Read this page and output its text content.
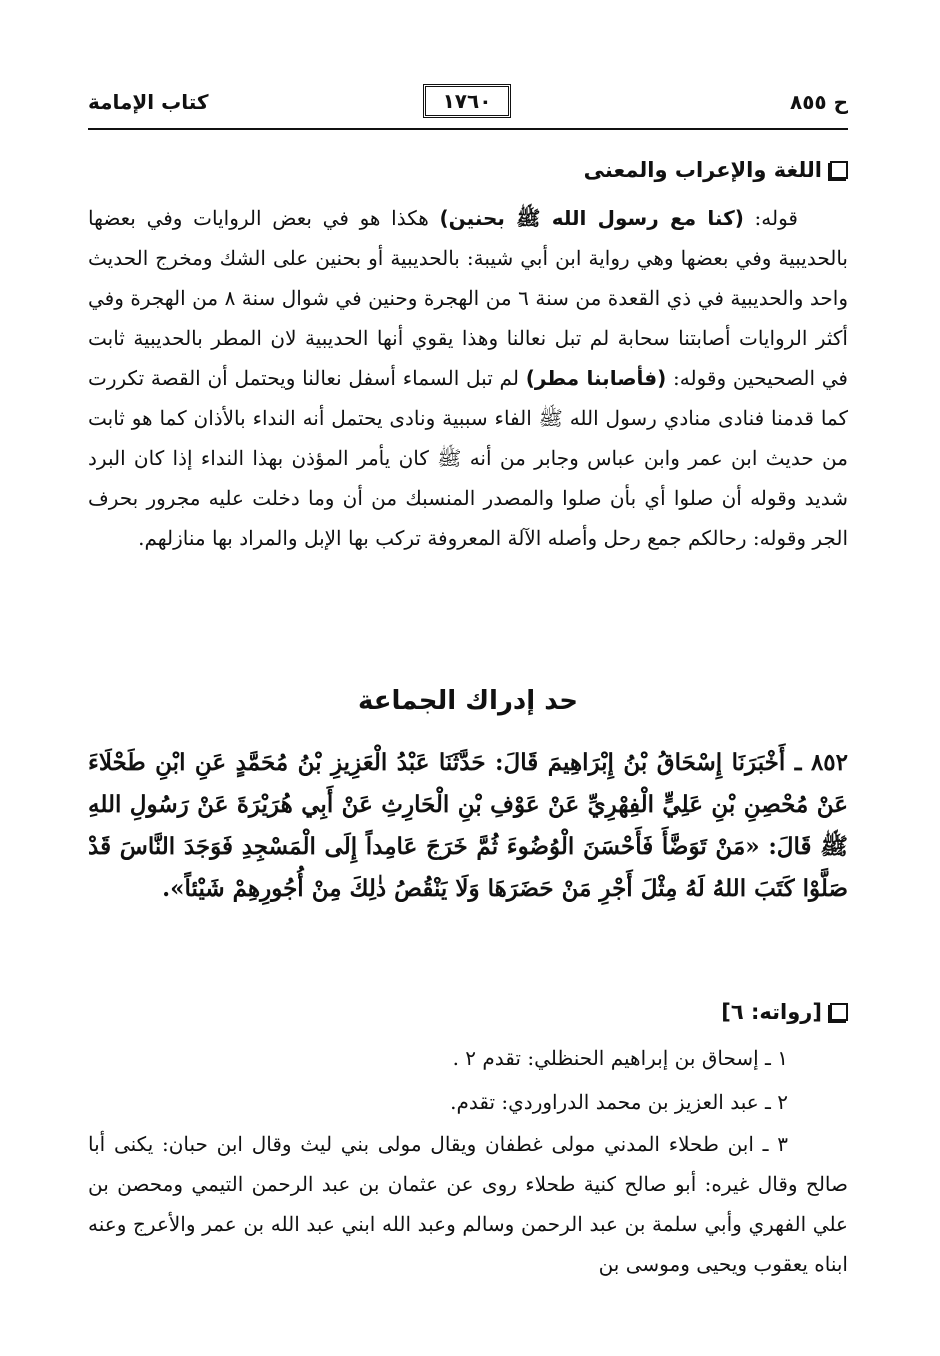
ح ٨٥٥
١٧٦٠
كتاب الإمامة
اللغة والإعراب والمعنى
قوله: (كنا مع رسول الله ﷺ بحنين) هكذا هو في بعض الروايات وفي بعضها بالحديبية وفي بعضها وهي رواية ابن أبي شيبة: بالحديبية أو بحنين على الشك ومخرج الحديث واحد والحديبية في ذي القعدة من سنة ٦ من الهجرة وحنين في شوال سنة ٨ من الهجرة وفي أكثر الروايات أصابتنا سحابة لم تبل نعالنا وهذا يقوي أنها الحديبية لان المطر بالحديبية ثابت في الصحيحين وقوله: (فأصابنا مطر) لم تبل السماء أسفل نعالنا ويحتمل أن القصة تكررت كما قدمنا فنادى منادي رسول الله ﷺ الفاء سببية ونادى يحتمل أنه النداء بالأذان كما هو ثابت من حديث ابن عمر وابن عباس وجابر من أنه ﷺ كان يأمر المؤذن بهذا النداء إذا كان البرد شديد وقوله أن صلوا أي بأن صلوا والمصدر المنسبك من أن وما دخلت عليه مجرور بحرف الجر وقوله: رحالكم جمع رحل وأصله الآلة المعروفة تركب بها الإبل والمراد بها منازلهم.
حد إدراك الجماعة
٨٥٢ ـ أَخْبَرَنَا إِسْحَاقُ بْنُ إِبْرَاهِيمَ قَالَ: حَدَّثَنَا عَبْدُ الْعَزِيزِ بْنُ مُحَمَّدٍ عَنِ ابْنِ طَحْلَاءَ عَنْ مُحْصِنِ بْنِ عَلِيٍّ الْفِهْرِيِّ عَنْ عَوْفِ بْنِ الْحَارِثِ عَنْ أَبِي هُرَيْرَةَ عَنْ رَسُولِ اللهِ ﷺ قَالَ: «مَنْ تَوَضَّأَ فَأَحْسَنَ الْوُضُوءَ ثُمَّ خَرَجَ عَامِداً إِلَى الْمَسْجِدِ فَوَجَدَ النَّاسَ قَدْ صَلَّوْا كَتَبَ اللهُ لَهُ مِثْلَ أَجْرِ مَنْ حَضَرَهَا وَلَا يَنْقُصُ ذٰلِكَ مِنْ أُجُورِهِمْ شَيْئاً».
[رواته: ٦]
١ ـ إسحاق بن إبراهيم الحنظلي: تقدم ٢ .
٢ ـ عبد العزيز بن محمد الدراوردي: تقدم.
٣ ـ ابن طحلاء المدني مولى غطفان ويقال مولى بني ليث وقال ابن حبان: يكنى أبا صالح وقال غيره: أبو صالح كنية طحلاء روى عن عثمان بن عبد الرحمن التيمي ومحصن بن علي الفهري وأبي سلمة بن عبد الرحمن وسالم وعبد الله ابني عبد الله بن عمر والأعرج وعنه ابناه يعقوب ويحيى وموسى بن
